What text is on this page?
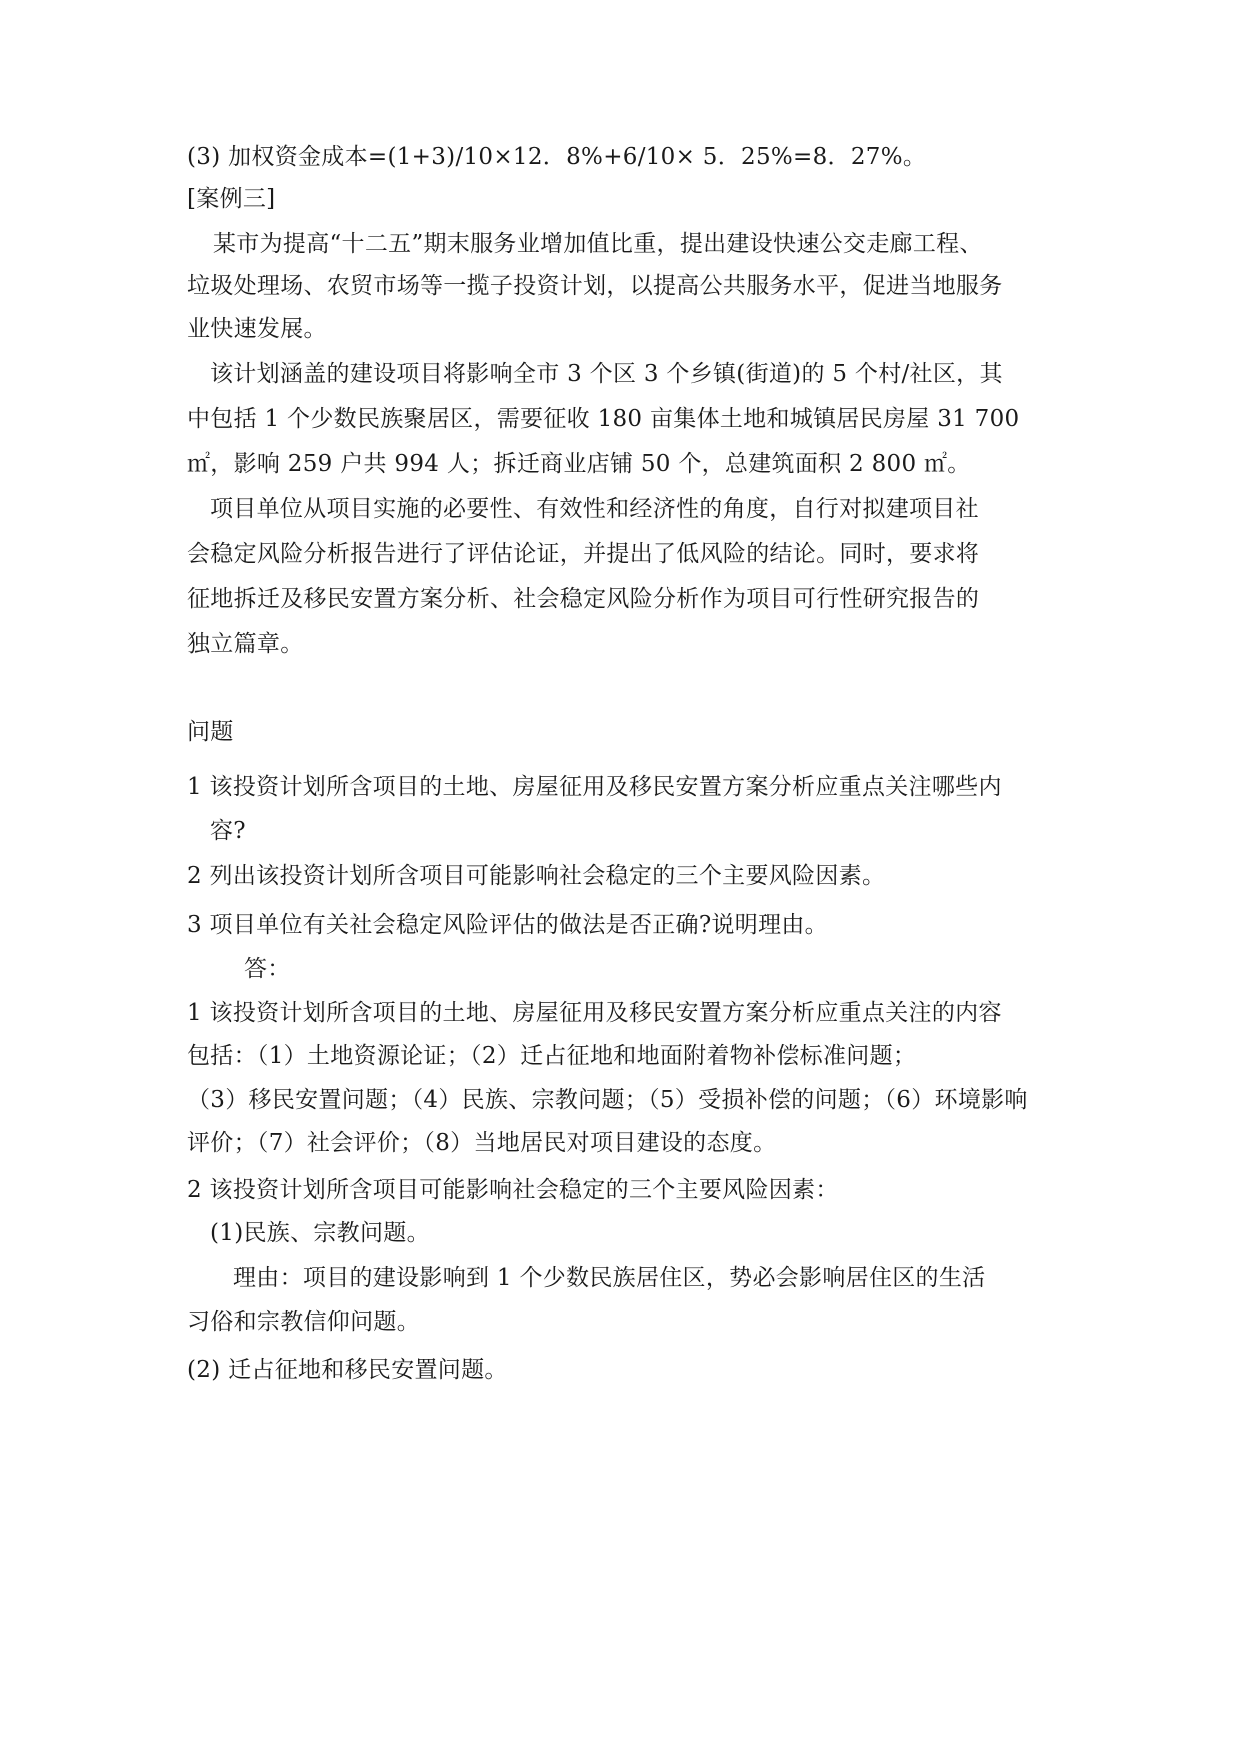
(3) 加权资金成本=(1+3)/10×12．8%+6/10× 5．25%=8．27%。
[案例三]
某市为提高“十二五”期末服务业增加值比重，提出建设快速公交走廊工程、
垃圾处理场、农贸市场等一揽子投资计划，以提高公共服务水平，促进当地服务
业快速发展。
该计划涵盖的建设项目将影响全市 3 个区 3 个乡镇(街道)的 5 个村/社区，其
中包括 1 个少数民族聚居区，需要征收 180 亩集体土地和城镇居民房屋 31 700
㎡，影响 259 户共 994 人；拆迁商业店铺 50 个，总建筑面积 2 800 ㎡。
项目单位从项目实施的必要性、有效性和经济性的角度，自行对拟建项目社
会稳定风险分析报告进行了评估论证，并提出了低风险的结论。同时，要求将
征地拆迁及移民安置方案分析、社会稳定风险分析作为项目可行性研究报告的
独立篇章。
问题
1 该投资计划所含项目的土地、房屋征用及移民安置方案分析应重点关注哪些内
容?
2 列出该投资计划所含项目可能影响社会稳定的三个主要风险因素。
3 项目单位有关社会稳定风险评估的做法是否正确?说明理由。
答：
1 该投资计划所含项目的土地、房屋征用及移民安置方案分析应重点关注的内容
包括：（1）土地资源论证；（2）迁占征地和地面附着物补偿标准问题；
（3）移民安置问题；（4）民族、宗教问题；（5）受损补偿的问题；（6）环境影响
评价；（7）社会评价；（8）当地居民对项目建设的态度。
2 该投资计划所含项目可能影响社会稳定的三个主要风险因素：
(1)民族、宗教问题。
理由：项目的建设影响到 1 个少数民族居住区，势必会影响居住区的生活
习俗和宗教信仰问题。
(2) 迁占征地和移民安置问题。
